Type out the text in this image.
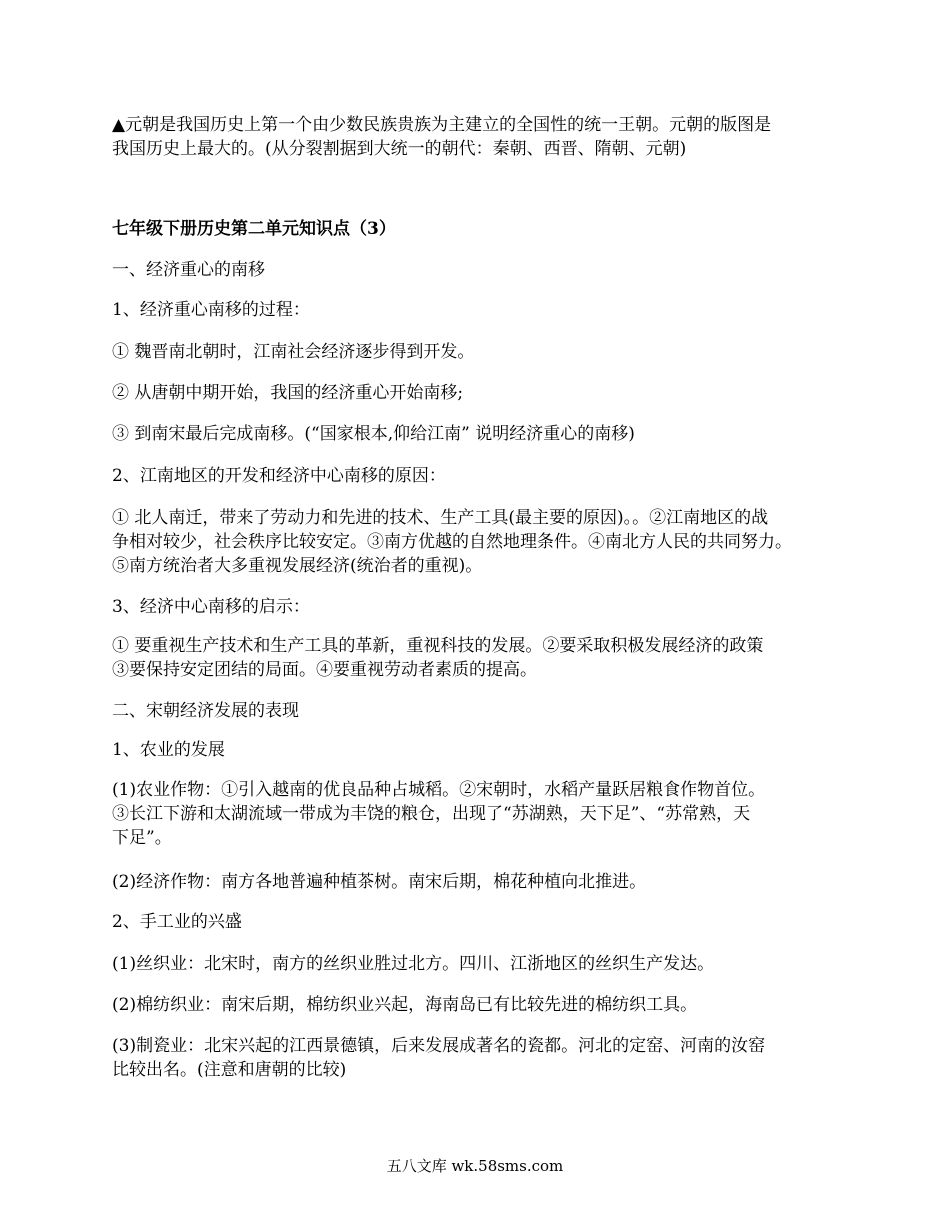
▲元朝是我国历史上第一个由少数民族贵族为主建立的全国性的统一王朝。元朝的版图是
我国历史上最大的。(从分裂割据到大统一的朝代：秦朝、西晋、隋朝、元朝)

七年级下册历史第二单元知识点（3）

一、经济重心的南移

1、经济重心南移的过程：

① 魏晋南北朝时，江南社会经济逐步得到开发。

② 从唐朝中期开始，我国的经济重心开始南移;

③ 到南宋最后完成南移。(“国家根本,仰给江南” 说明经济重心的南移)

2、江南地区的开发和经济中心南移的原因：

① 北人南迁，带来了劳动力和先进的技术、生产工具(最主要的原因)。。②江南地区的战
争相对较少，社会秩序比较安定。③南方优越的自然地理条件。④南北方人民的共同努力。
⑤南方统治者大多重视发展经济(统治者的重视)。

3、经济中心南移的启示：

① 要重视生产技术和生产工具的革新，重视科技的发展。②要采取积极发展经济的政策
③要保持安定团结的局面。④要重视劳动者素质的提高。

二、宋朝经济发展的表现

1、农业的发展

(1)农业作物：①引入越南的优良品种占城稻。②宋朝时，水稻产量跃居粮食作物首位。
③长江下游和太湖流域一带成为丰饶的粮仓，出现了“苏湖熟，天下足”、“苏常熟，天
下足”。

(2)经济作物：南方各地普遍种植茶树。南宋后期，棉花种植向北推进。

2、手工业的兴盛

(1)丝织业：北宋时，南方的丝织业胜过北方。四川、江浙地区的丝织生产发达。

(2)棉纺织业：南宋后期，棉纺织业兴起，海南岛已有比较先进的棉纺织工具。

(3)制瓷业：北宋兴起的江西景德镇，后来发展成著名的瓷都。河北的定窑、河南的汝窑
比较出名。(注意和唐朝的比较)

五八文库 wk.58sms.com
